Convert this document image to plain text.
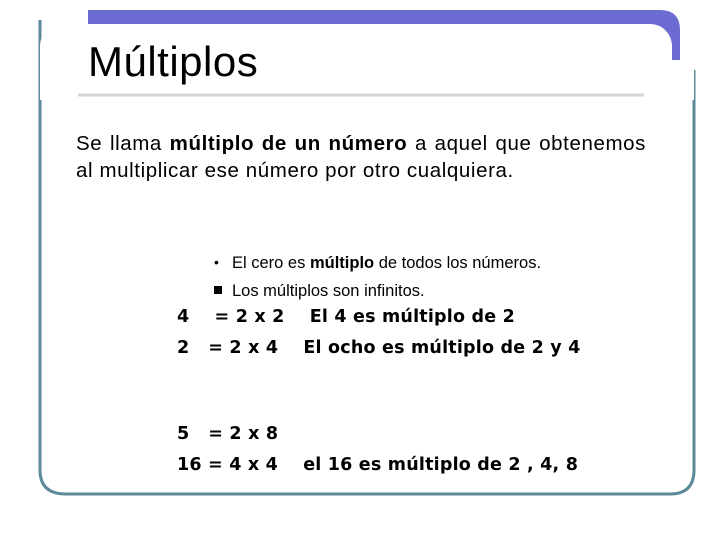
Múltiplos

Se llama múltiplo de un número a aquel que obtenemos al multiplicar ese número por otro cualquiera.

• El cero es múltiplo de todos los números.
Los múltiplos son infinitos.
4    = 2 x 2    El 4 es múltiplo de 2
2   = 2 x 4    El ocho es múltiplo de 2 y 4
5   = 2 x 8
16 = 4 x 4    el 16 es múltiplo de 2 , 4, 8
